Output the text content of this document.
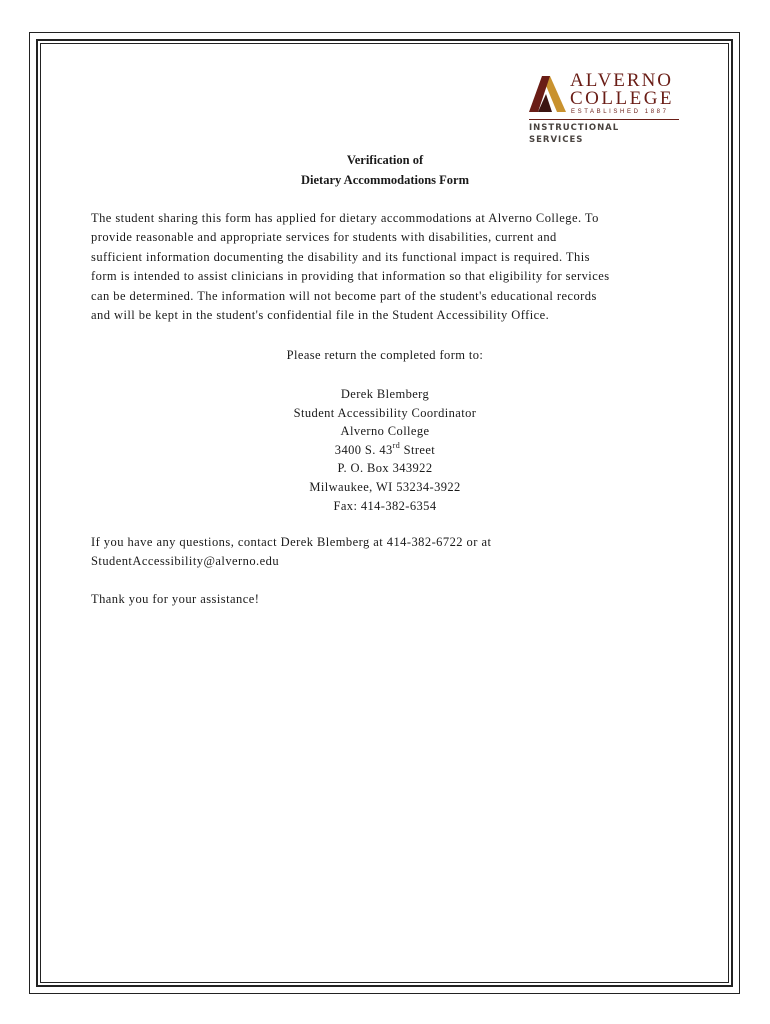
ALVERNO
COLLEGE
ESTABLISHED 1887
INSTRUCTIONAL
SERVICES
Verification of
Dietary Accommodations Form
The student sharing this form has applied for dietary accommodations at Alverno College. To
provide reasonable and appropriate services for students with disabilities, current and
sufficient information documenting the disability and its functional impact is required. This
form is intended to assist clinicians in providing that information so that eligibility for services
can be determined. The information will not become part of the student's educational records
and will be kept in the student's confidential file in the Student Accessibility Office.
Please return the completed form to:
Derek Blemberg
Student Accessibility Coordinator
Alverno College
3400 S. 43rd Street
P. O. Box 343922
Milwaukee, WI 53234-3922
Fax: 414-382-6354
If you have any questions, contact Derek Blemberg at 414-382-6722 or at
StudentAccessibility@alverno.edu
Thank you for your assistance!
